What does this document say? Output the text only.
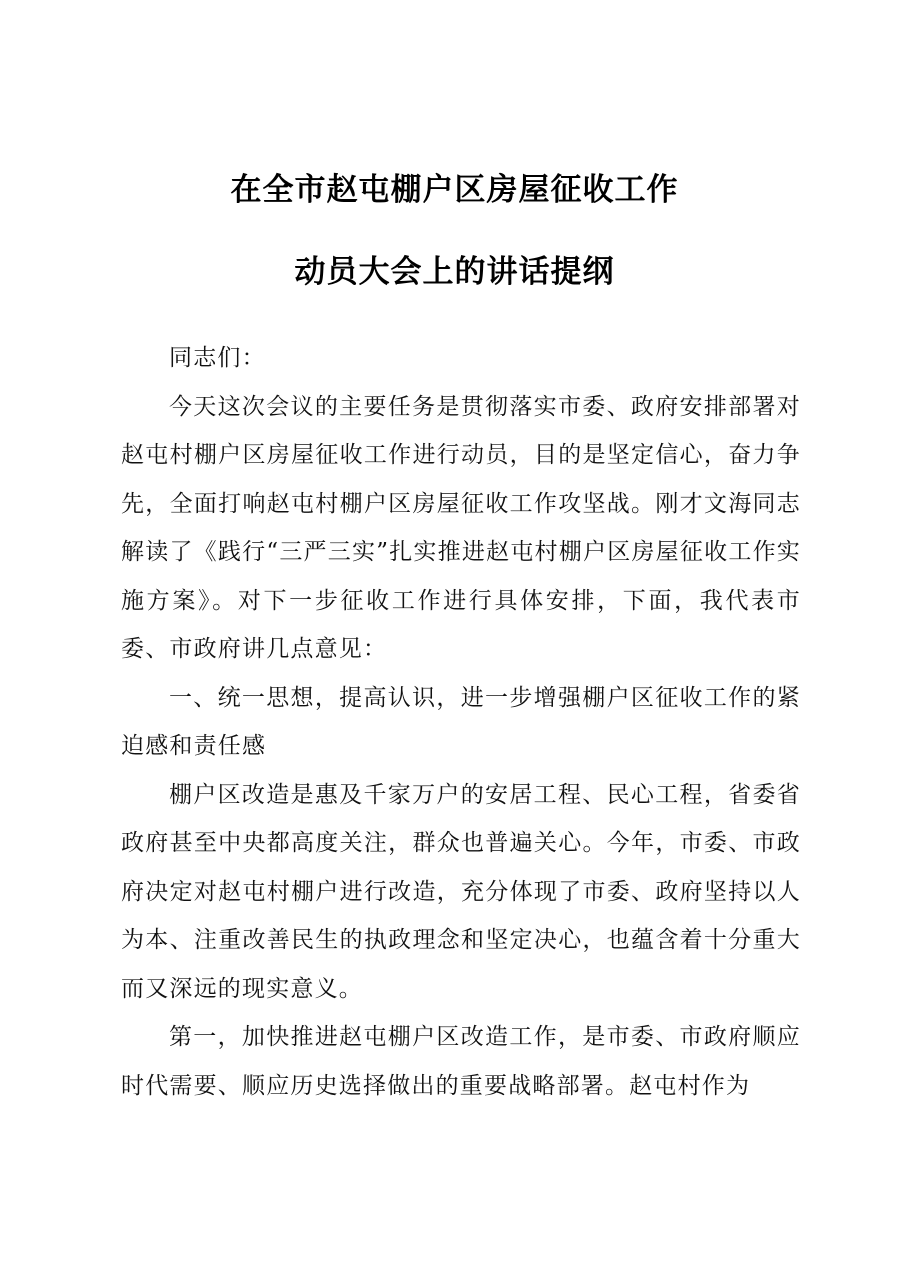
在全市赵屯棚户区房屋征收工作
动员大会上的讲话提纲

同志们：

今天这次会议的主要任务是贯彻落实市委、政府安排部署对赵屯村棚户区房屋征收工作进行动员，目的是坚定信心，奋力争先，全面打响赵屯村棚户区房屋征收工作攻坚战。刚才文海同志解读了《践行“三严三实”扎实推进赵屯村棚户区房屋征收工作实施方案》。对下一步征收工作进行具体安排，下面，我代表市委、市政府讲几点意见：

一、统一思想，提高认识，进一步增强棚户区征收工作的紧迫感和责任感

棚户区改造是惠及千家万户的安居工程、民心工程，省委省政府甚至中央都高度关注，群众也普遍关心。今年，市委、市政府决定对赵屯村棚户进行改造，充分体现了市委、政府坚持以人为本、注重改善民生的执政理念和坚定决心，也蕴含着十分重大而又深远的现实意义。

第一，加快推进赵屯棚户区改造工作，是市委、市政府顺应时代需要、顺应历史选择做出的重要战略部署。赵屯村作为
